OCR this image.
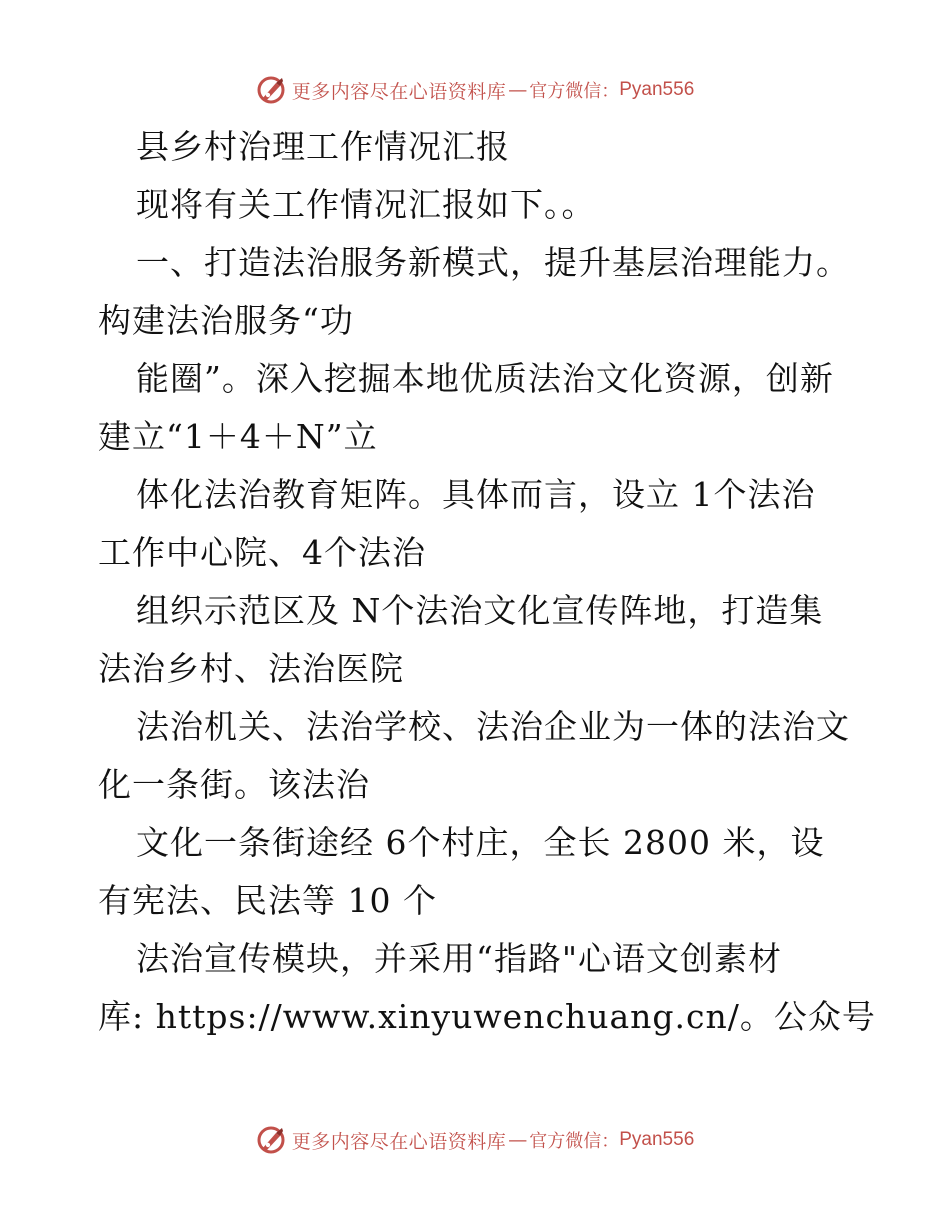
更多内容尽在心语资料库 — 官方微信： Pyan556
县乡村治理工作情况汇报
现将有关工作情况汇报如下。。
一、打造法治服务新模式，提升基层治理能力。
构建法治服务“功
能圈”。深入挖掘本地优质法治文化资源，创新
建立“1＋4＋N”立
体化法治教育矩阵。具体而言，设立 1个法治
工作中心院、4个法治
组织示范区及 N个法治文化宣传阵地，打造集
法治乡村、法治医院
法治机关、法治学校、法治企业为一体的法治文
化一条街。该法治
文化一条街途经 6个村庄，全长 2800 米，设
有宪法、民法等 10 个
法治宣传模块，并采用“指路"心语文创素材
库: https://www.xinyuwenchuang.cn/。公众号
更多内容尽在心语资料库 — 官方微信： Pyan556
